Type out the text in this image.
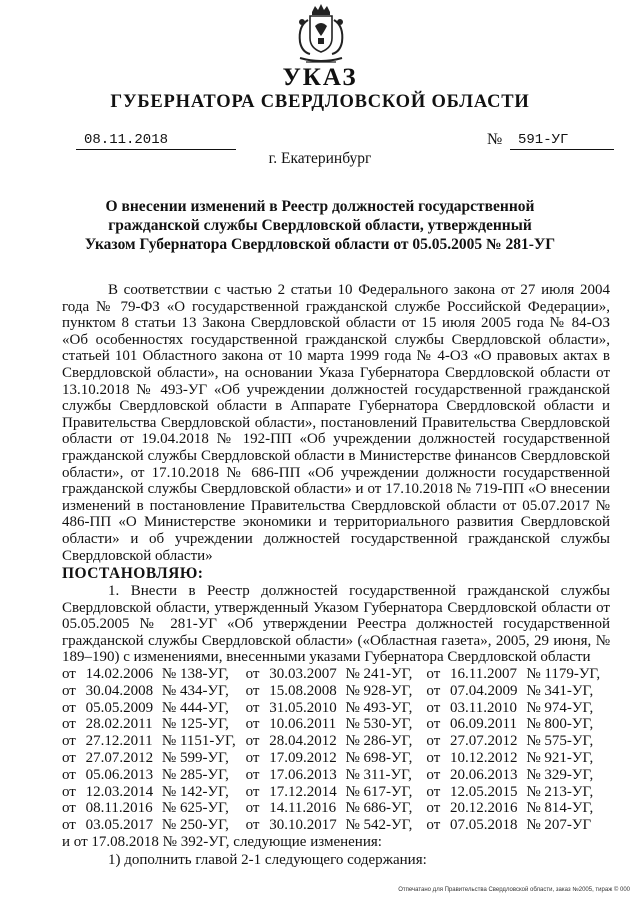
УКАЗ
ГУБЕРНАТОРА СВЕРДЛОВСКОЙ ОБЛАСТИ
08.11.2018	№	591-УГ
г. Екатеринбург
О внесении изменений в Реестр должностей государственной
гражданской службы Свердловской области, утвержденный
Указом Губернатора Свердловской области от 05.05.2005 № 281-УГ

В соответствии с частью 2 статьи 10 Федерального закона от 27 июля 2004 года № 79-ФЗ «О государственной гражданской службе Российской Федерации», пунктом 8 статьи 13 Закона Свердловской области от 15 июля 2005 года № 84-ОЗ «Об особенностях государственной гражданской службы Свердловской области», статьей 101 Областного закона от 10 марта 1999 года № 4-ОЗ «О правовых актах в Свердловской области», на основании Указа Губернатора Свердловской области от 13.10.2018 № 493-УГ «Об учреждении должностей государственной гражданской службы Свердловской области в Аппарате Губернатора Свердловской области и Правительства Свердловской области», постановлений Правительства Свердловской области от 19.04.2018 № 192-ПП «Об учреждении должностей государственной гражданской службы Свердловской области в Министерстве финансов Свердловской области», от 17.10.2018 № 686-ПП «Об учреждении должности государственной гражданской службы Свердловской области» и от 17.10.2018 № 719-ПП «О внесении изменений в постановление Правительства Свердловской области от 05.07.2017 № 486-ПП «О Министерстве экономики и территориального развития Свердловской области» и об учреждении должностей государственной гражданской службы Свердловской области»

ПОСТАНОВЛЯЮ:

1. Внести в Реестр должностей государственной гражданской службы Свердловской области, утвержденный Указом Губернатора Свердловской области от 05.05.2005 № 281-УГ «Об утверждении Реестра должностей государственной гражданской службы Свердловской области» («Областная газета», 2005, 29 июня, № 189–190) с изменениями, внесенными указами Губернатора Свердловской области

от	14.02.2006	№ 138-УГ,	от	30.03.2007	№ 241-УГ,	от	16.11.2007	№ 1179-УГ,
от	30.04.2008	№ 434-УГ,	от	15.08.2008	№ 928-УГ,	от	07.04.2009	№ 341-УГ,
от	05.05.2009	№ 444-УГ,	от	31.05.2010	№ 493-УГ,	от	03.11.2010	№ 974-УГ,
от	28.02.2011	№ 125-УГ,	от	10.06.2011	№ 530-УГ,	от	06.09.2011	№ 800-УГ,
от	27.12.2011	№ 1151-УГ,	от	28.04.2012	№ 286-УГ,	от	27.07.2012	№ 575-УГ,
от	27.07.2012	№ 599-УГ,	от	17.09.2012	№ 698-УГ,	от	10.12.2012	№ 921-УГ,
от	05.06.2013	№ 285-УГ,	от	17.06.2013	№ 311-УГ,	от	20.06.2013	№ 329-УГ,
от	12.03.2014	№ 142-УГ,	от	17.12.2014	№ 617-УГ,	от	12.05.2015	№ 213-УГ,
от	08.11.2016	№ 625-УГ,	от	14.11.2016	№ 686-УГ,	от	20.12.2016	№ 814-УГ,
от	03.05.2017	№ 250-УГ,	от	30.10.2017	№ 542-УГ,	от	07.05.2018	№ 207-УГ
и от 17.08.2018 № 392-УГ, следующие изменения:
1) дополнить главой 2-1 следующего содержания:
Отпечатано для Правительства Свердловской области, заказ №2005, тираж © 000
